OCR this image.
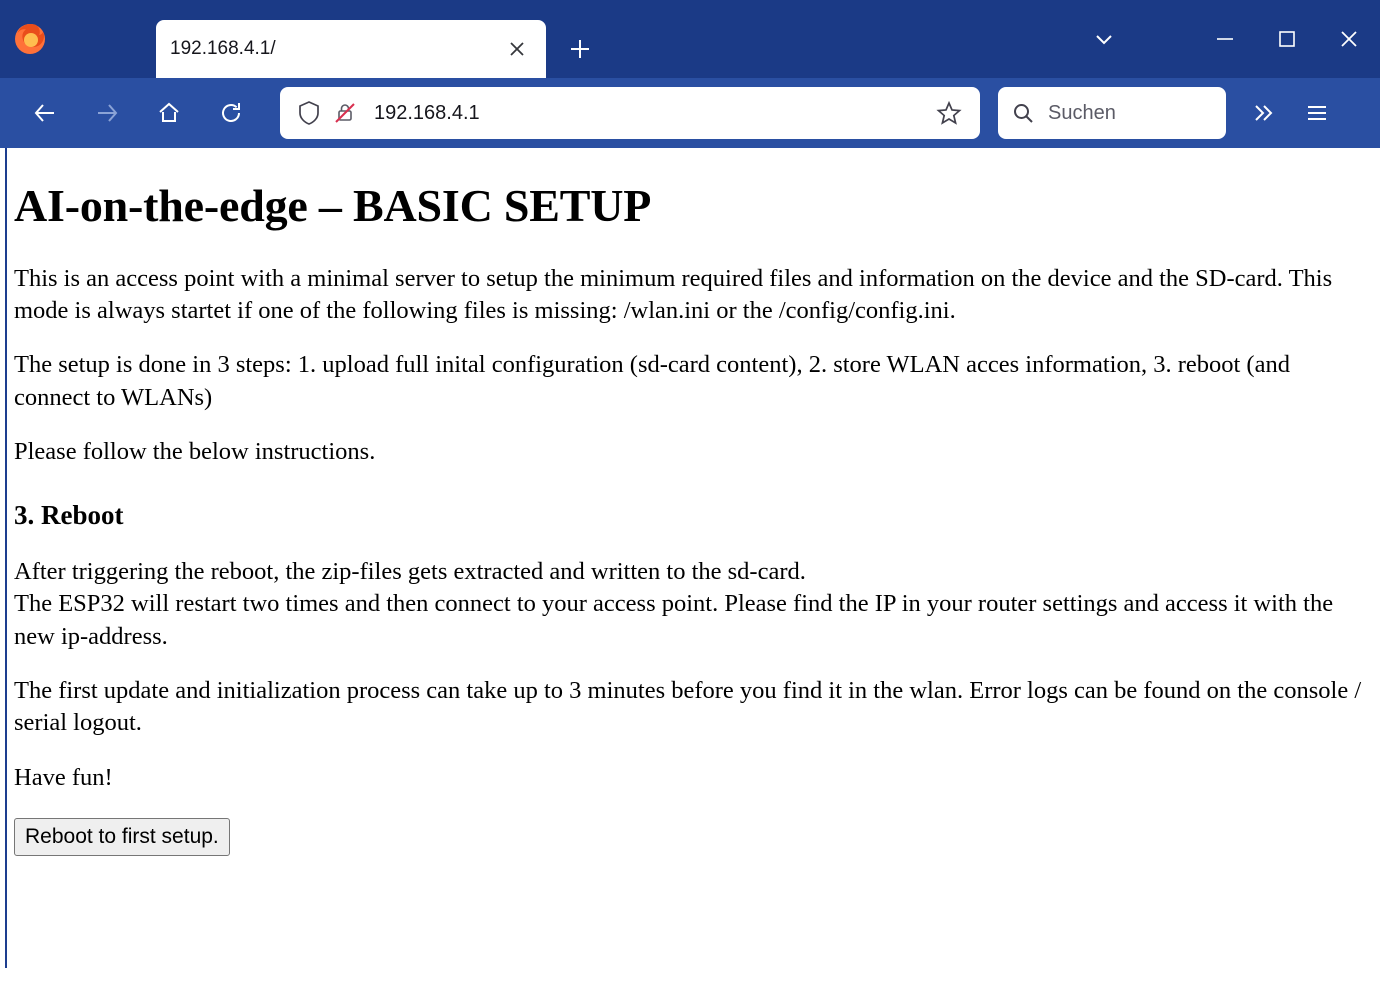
192.168.4.1/
192.168.4.1	Suchen
AI-on-the-edge – BASIC SETUP

This is an access point with a minimal server to setup the minimum required files and information on the device and the SD-card. This mode is always startet if one of the following files is missing: /wlan.ini or the /config/config.ini.

The setup is done in 3 steps: 1. upload full inital configuration (sd-card content), 2. store WLAN acces information, 3. reboot (and connect to WLANs)

Please follow the below instructions.

3. Reboot

After triggering the reboot, the zip-files gets extracted and written to the sd-card.
The ESP32 will restart two times and then connect to your access point. Please find the IP in your router settings and access it with the new ip-address.

The first update and initialization process can take up to 3 minutes before you find it in the wlan. Error logs can be found on the console / serial logout.

Have fun!

Reboot to first setup.
